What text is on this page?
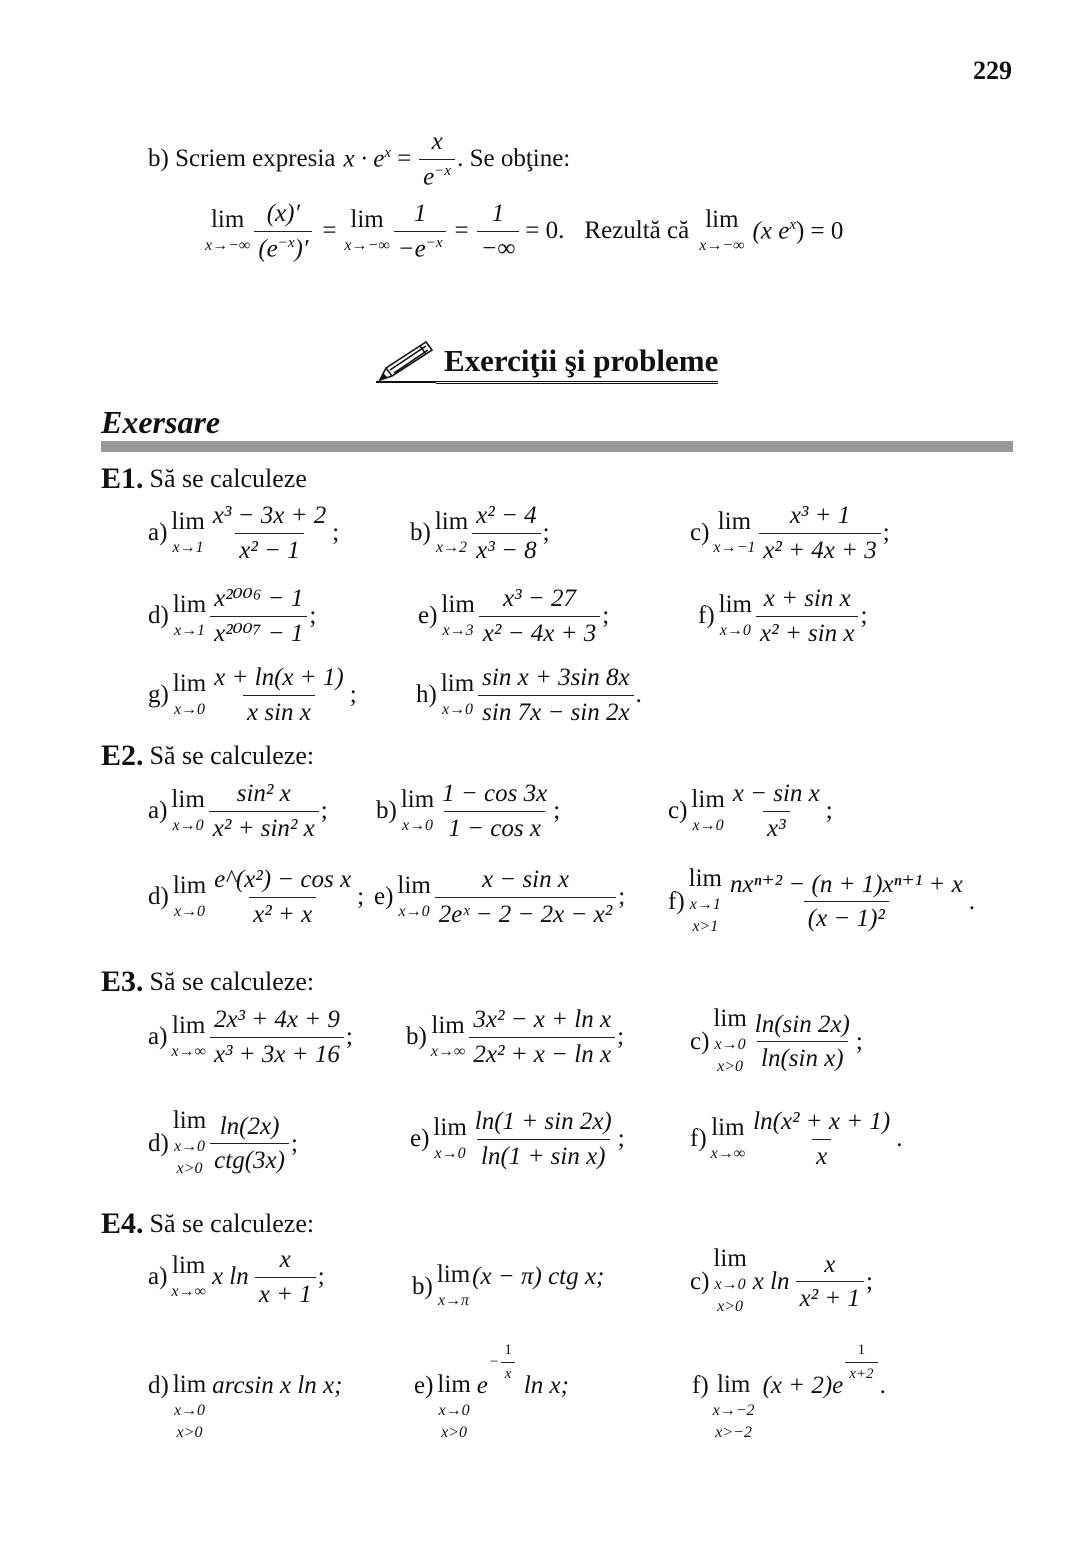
229
b) Scriem expresia $x \cdot e^x = \frac{x}{e^{-x}}$ . Se obţine:
lim
$x\to-\infty \frac{(x)'}{(e^{-x})'} = \lim$
$x\to-\infty \frac{1}{-e^{-x}} = \frac{1}{-\infty} = 0$. Rezultă că lim
x→−∞
(x $e^x) = 0$
Exerciţii şi probleme
Exersare
E1. Să se calculeze
a) lim
$x\to 1 \frac{\text{x³ − 3x + 2}}{\text{x² − 1}}$ ;	b) lim
$x\to 2 \frac{\text{x² − 4}}{\text{x³ − 8}}$ ;	c) lim
$x\to-1 \frac{\text{x³ + 1}}{\text{x² + 4x + 3}}$ ;
d) lim
$x\to 1 \frac{\text{x²⁰⁰⁶ − 1}}{\text{x²⁰⁰⁷ − 1}}$ ;	e) lim
$x\to 3 \frac{\text{x³ − 27}}{\text{x² − 4x + 3}}$ ;	f) lim
$x\to 0 \frac{\text{x + sin x}}{\text{x² + sin x}}$ ;
g) lim
$x\to 0 \frac{x + \ln(x + 1)}{\text{x sin x}}$ ; h) lim
$x\to 0 \frac{\text{sin x + 3sin 8x}}{\sin 7x - \sin 2x}$ .
E2. Să se calculeze:
a) lim
$x\to 0 \frac{\text{sin² x}}{\text{x² + sin² x}}$ ; b) lim
$x\to 0 \frac{1 - \cos 3x}{\text{1 − cos x}}$ ;	c) lim
$x\to 0 \frac{\text{x − sin x}}{\text{x³}}$ ;
d) lim
$x\to 0 \frac{\text{e\textasciicircum{}(x²) − cos x}}{\text{x² + x}}$ ; e) lim
$x\to 0 \frac{\text{x − sin x}}{\text{2eˣ − 2 − 2x − x²}}$ ; f)
lim
x→1
$x>1 \frac{\text{nxⁿ⁺² − (n + 1)xⁿ⁺¹ + x}}{\text{(x − 1)²}}$ .
E3. Să se calculeze:
a) lim
$x\to\infty \frac{\text{2x³ + 4x + 9}}{\text{x³ + 3x + 16}}$ ; b) lim
$x\to\infty \frac{\text{3x² − x + ln x}}{\text{2x² + x − ln x}}$ ;	c)
lim
x→0
$x>0 \frac{\ln(\sin 2x)}{\text{ln(sin x)}}$ ;
d)
lim
x→0
$x>0 \frac{\ln(2x)}{\text{ctg(3x)}}$ ;	e) lim
$x\to 0 \frac{\ln(1 + \sin 2x)}{\text{ln(1 + sin x)}}$ ;	f) lim
$x\to\infty \frac{\text{ln(x² + x + 1)}}{x}$ .
E4. Să se calculeze:
a) lim
x→∞
x $\ln \frac{x}{x + 1}$ ;	b) lim
x→π
(x − π) ctg x;	c)
lim
x→0
x>0
x $\ln \frac{x}{\text{x² + 1}}$ ;
d) lim
x→0
x>0
arcsin x ln x;	e) lim
x→0
x>0
e
− $\frac{1}{x}$
ln x;	f) lim
x→−2
x>−2
(x + 2)e
$\frac{1}{x+2}$
.
